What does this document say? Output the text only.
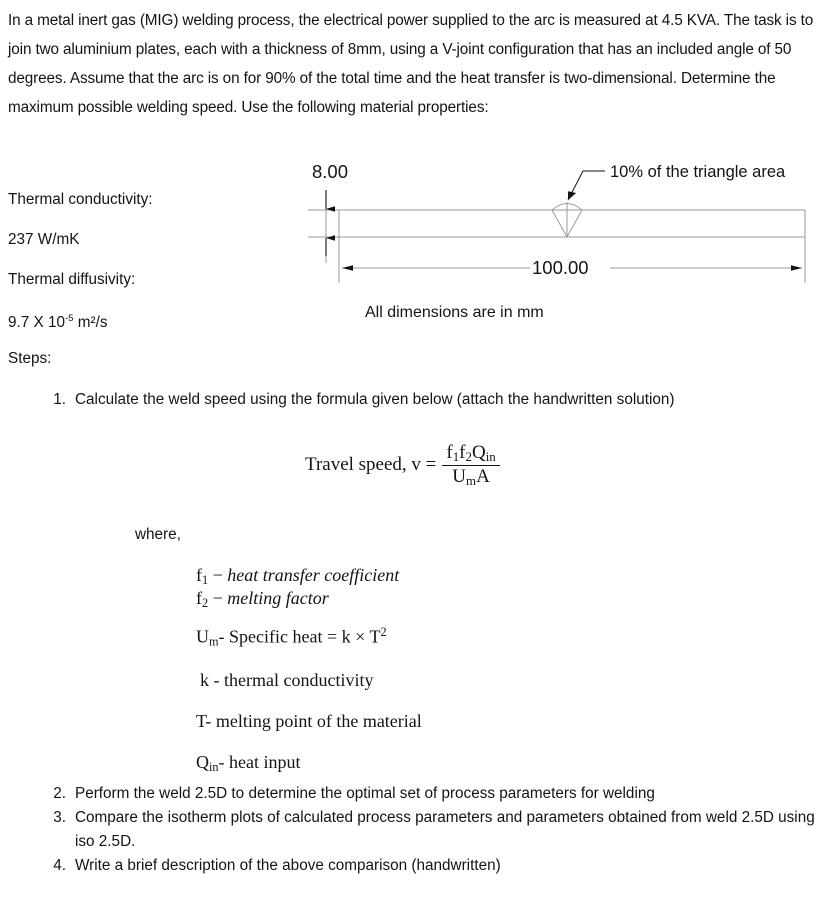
In a metal inert gas (MIG) welding process, the electrical power supplied to the arc is measured at 4.5 KVA. The task is to join two aluminium plates, each with a thickness of 8mm, using a V-joint configuration that has an included angle of 50 degrees. Assume that the arc is on for 90% of the total time and the heat transfer is two-dimensional. Determine the maximum possible welding speed. Use the following material properties:
Thermal conductivity:
237 W/mK
Thermal diffusivity:
9.7 X $10^{-5}$ m²/s
8.00	10% of the triangle area
100.00
All dimensions are in mm
Steps:
1. Calculate the weld speed using the formula given below (attach the handwritten solution)
Travel speed, $v = \frac{f_1f_2Q_{in}}{U_mA}$
where,
$f_1$ − heat transfer coefficient
$f_2$ − melting factor
$U_m-$ Specific heat = $k \times T^2$
k - thermal conductivity
T- melting point of the material
$Q_{in}-$ heat input
2. Perform the weld 2.5D to determine the optimal set of process parameters for welding
3. Compare the isotherm plots of calculated process parameters and parameters obtained from weld 2.5D using iso 2.5D.
4. Write a brief description of the above comparison (handwritten)
